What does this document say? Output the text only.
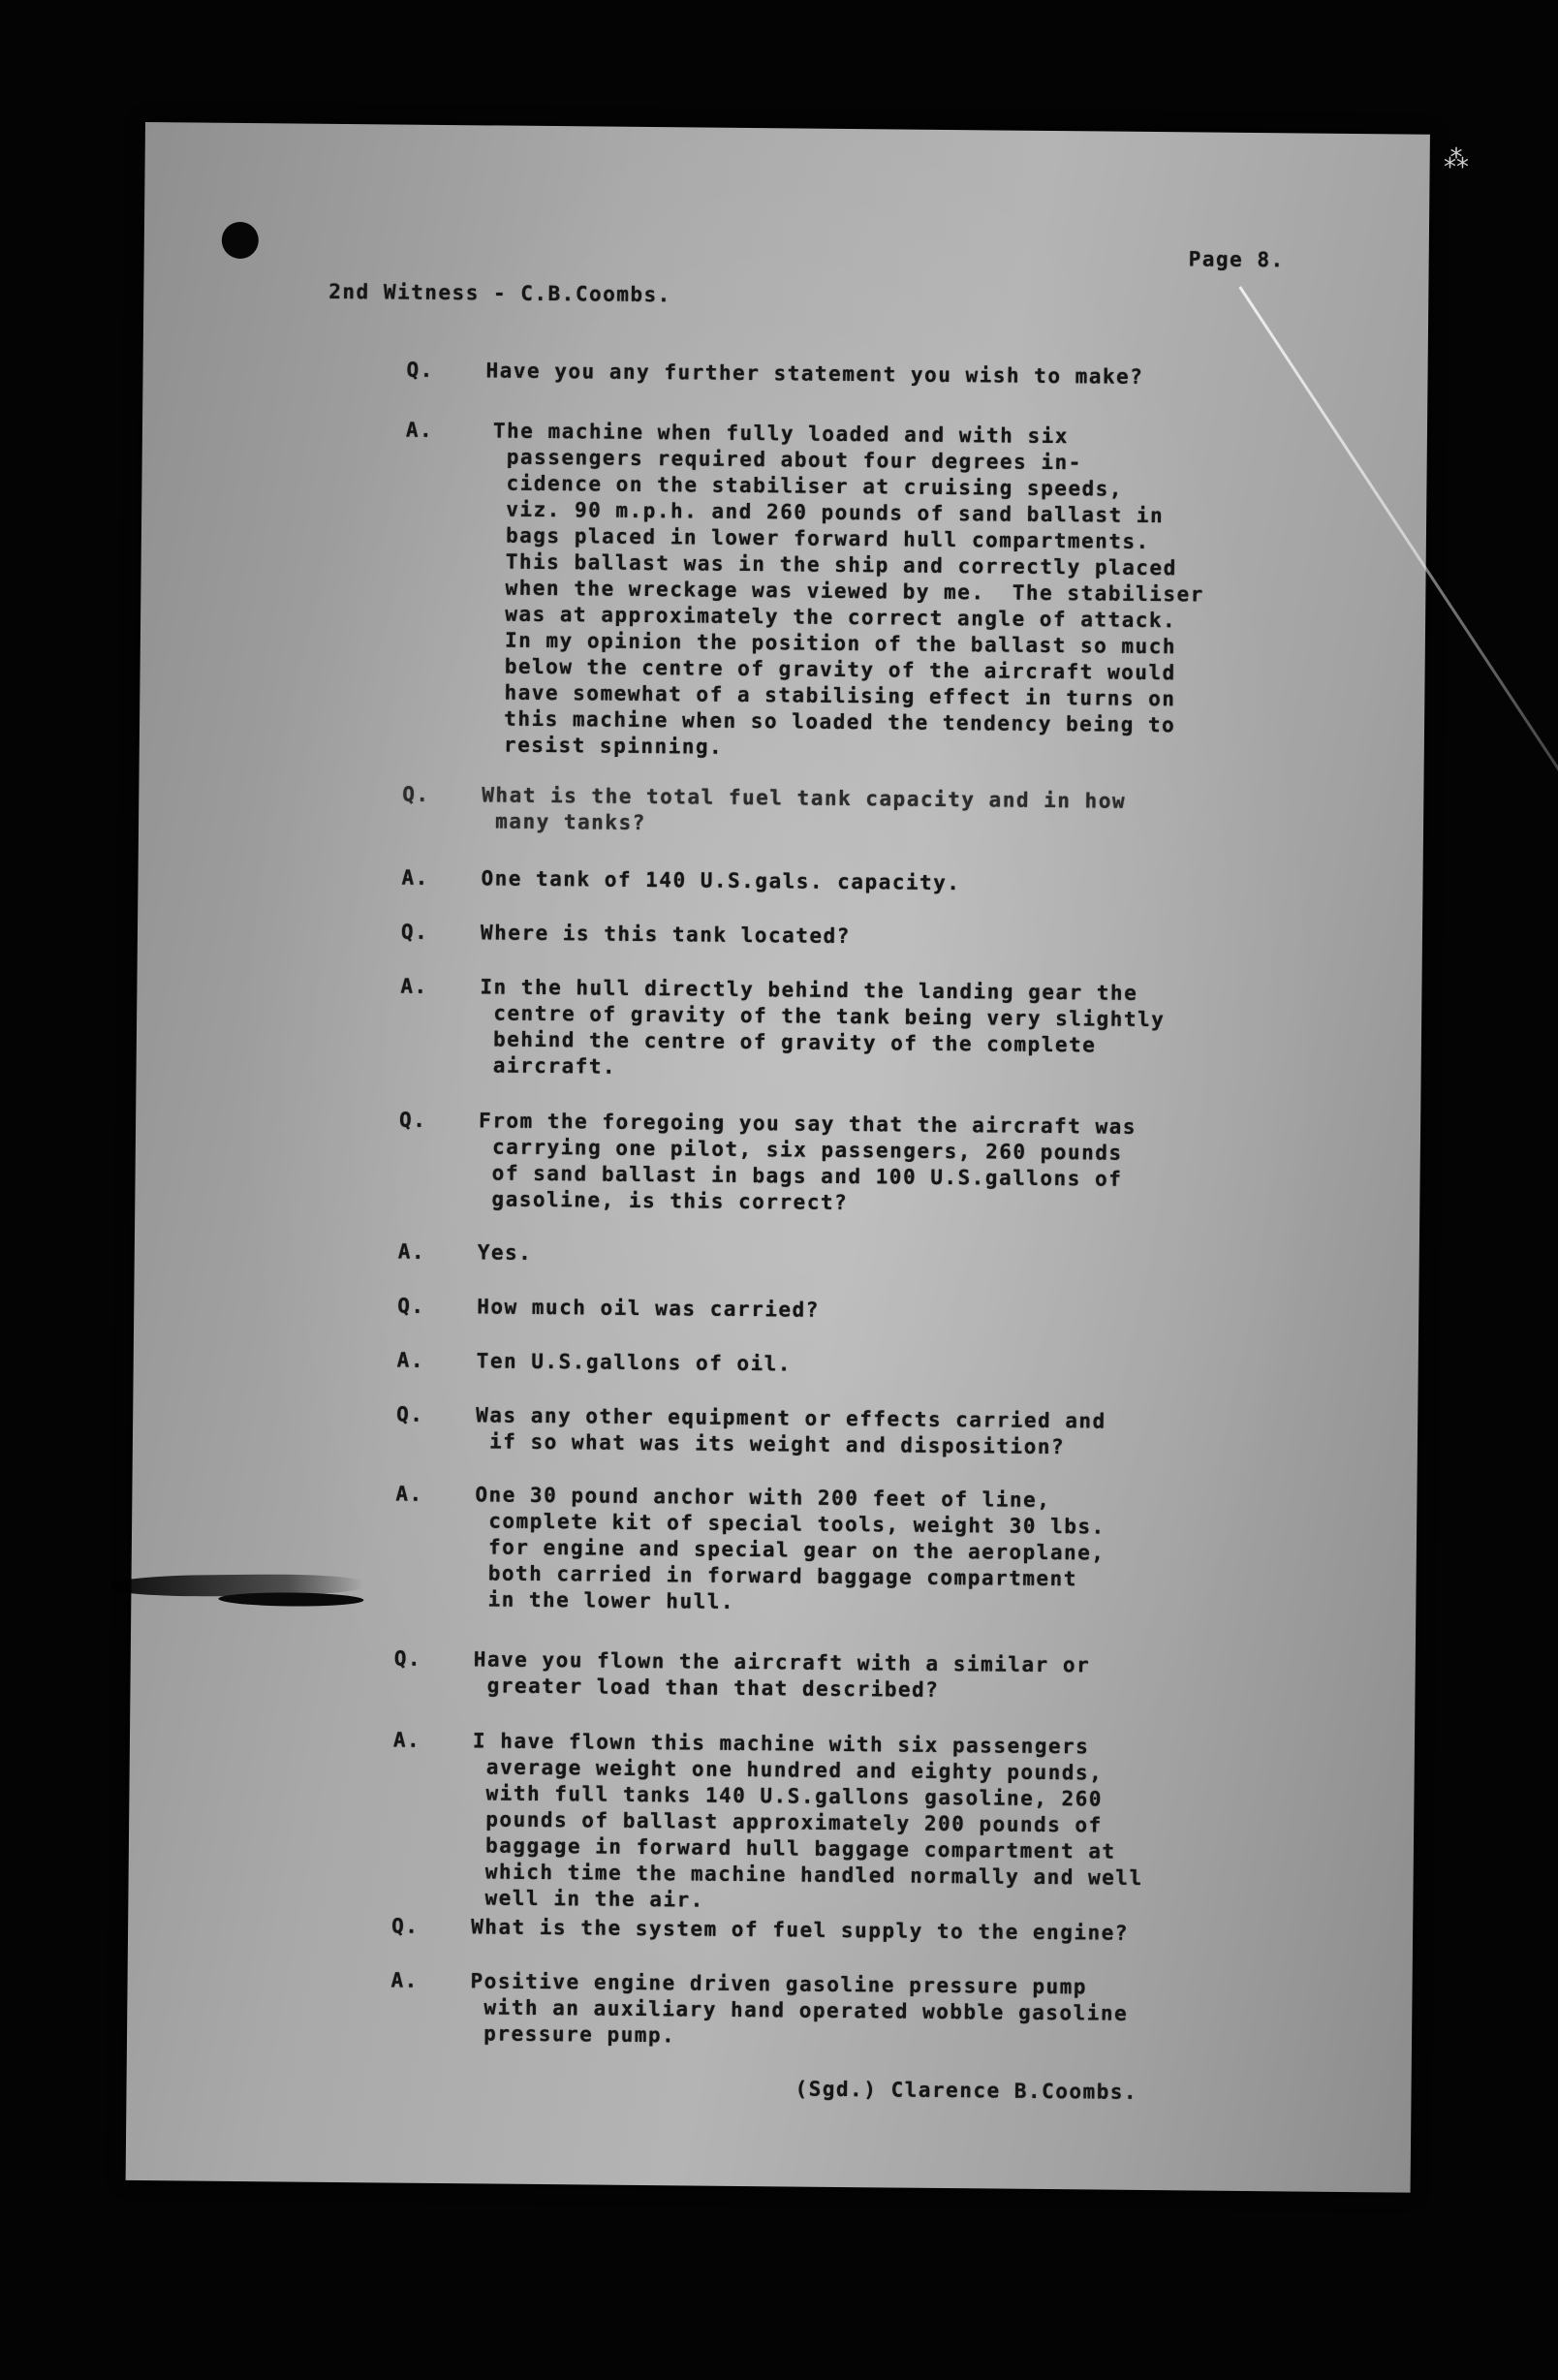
⁂
Page 8.
2nd Witness - C.B.Coombs.
Q.	Have you any further statement you wish to make?
A.	The machine when fully loaded and with six
passengers required about four degrees in-
cidence on the stabiliser at cruising speeds,
viz. 90 m.p.h. and 260 pounds of sand ballast in
bags placed in lower forward hull compartments.
This ballast was in the ship and correctly placed
when the wreckage was viewed by me.  The stabiliser
was at approximately the correct angle of attack.
In my opinion the position of the ballast so much
below the centre of gravity of the aircraft would
have somewhat of a stabilising effect in turns on
this machine when so loaded the tendency being to
resist spinning.
Q.	What is the total fuel tank capacity and in how
many tanks?
A.	One tank of 140 U.S.gals. capacity.
Q.	Where is this tank located?
A.	In the hull directly behind the landing gear the
centre of gravity of the tank being very slightly
behind the centre of gravity of the complete
aircraft.
Q.	From the foregoing you say that the aircraft was
carrying one pilot, six passengers, 260 pounds
of sand ballast in bags and 100 U.S.gallons of
gasoline, is this correct?
A.	Yes.
Q.	How much oil was carried?
A.	Ten U.S.gallons of oil.
Q.	Was any other equipment or effects carried and
if so what was its weight and disposition?
A.	One 30 pound anchor with 200 feet of line,
complete kit of special tools, weight 30 lbs.
for engine and special gear on the aeroplane,
both carried in forward baggage compartment
in the lower hull.
Q.	Have you flown the aircraft with a similar or
greater load than that described?
A.	I have flown this machine with six passengers
average weight one hundred and eighty pounds,
with full tanks 140 U.S.gallons gasoline, 260
pounds of ballast approximately 200 pounds of
baggage in forward hull baggage compartment at
which time the machine handled normally and well
well in the air.
Q.	What is the system of fuel supply to the engine?
A.	Positive engine driven gasoline pressure pump
with an auxiliary hand operated wobble gasoline
pressure pump.
(Sgd.) Clarence B.Coombs.
